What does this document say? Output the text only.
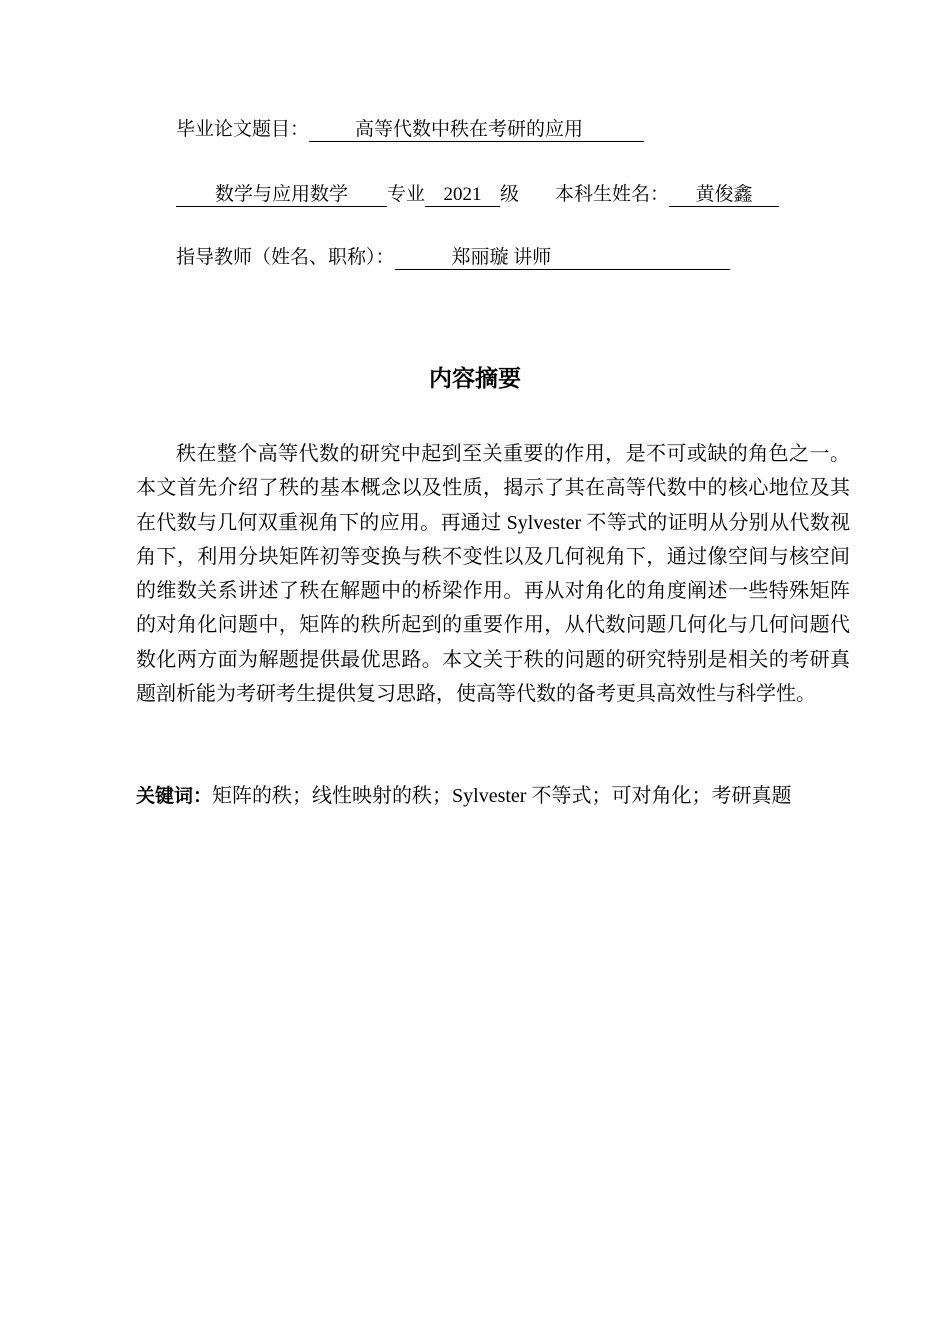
毕业论文题目： 高等代数中秩在考研的应用
数学与应用数学 专业 2021 级 本科生姓名： 黄俊鑫
指导教师（姓名、职称）：	郑丽璇 讲师
内容摘要

秩在整个高等代数的研究中起到至关重要的作用，是不可或缺的角色之一。本文首先介绍了秩的基本概念以及性质，揭示了其在高等代数中的核心地位及其在代数与几何双重视角下的应用。再通过 Sylvester 不等式的证明从分别从代数视角下，利用分块矩阵初等变换与秩不变性以及几何视角下，通过像空间与核空间的维数关系讲述了秩在解题中的桥梁作用。再从对角化的角度阐述一些特殊矩阵的对角化问题中，矩阵的秩所起到的重要作用，从代数问题几何化与几何问题代数化两方面为解题提供最优思路。本文关于秩的问题的研究特别是相关的考研真题剖析能为考研考生提供复习思路，使高等代数的备考更具高效性与科学性。

关键词：矩阵的秩；线性映射的秩；Sylvester 不等式；可对角化；考研真题
